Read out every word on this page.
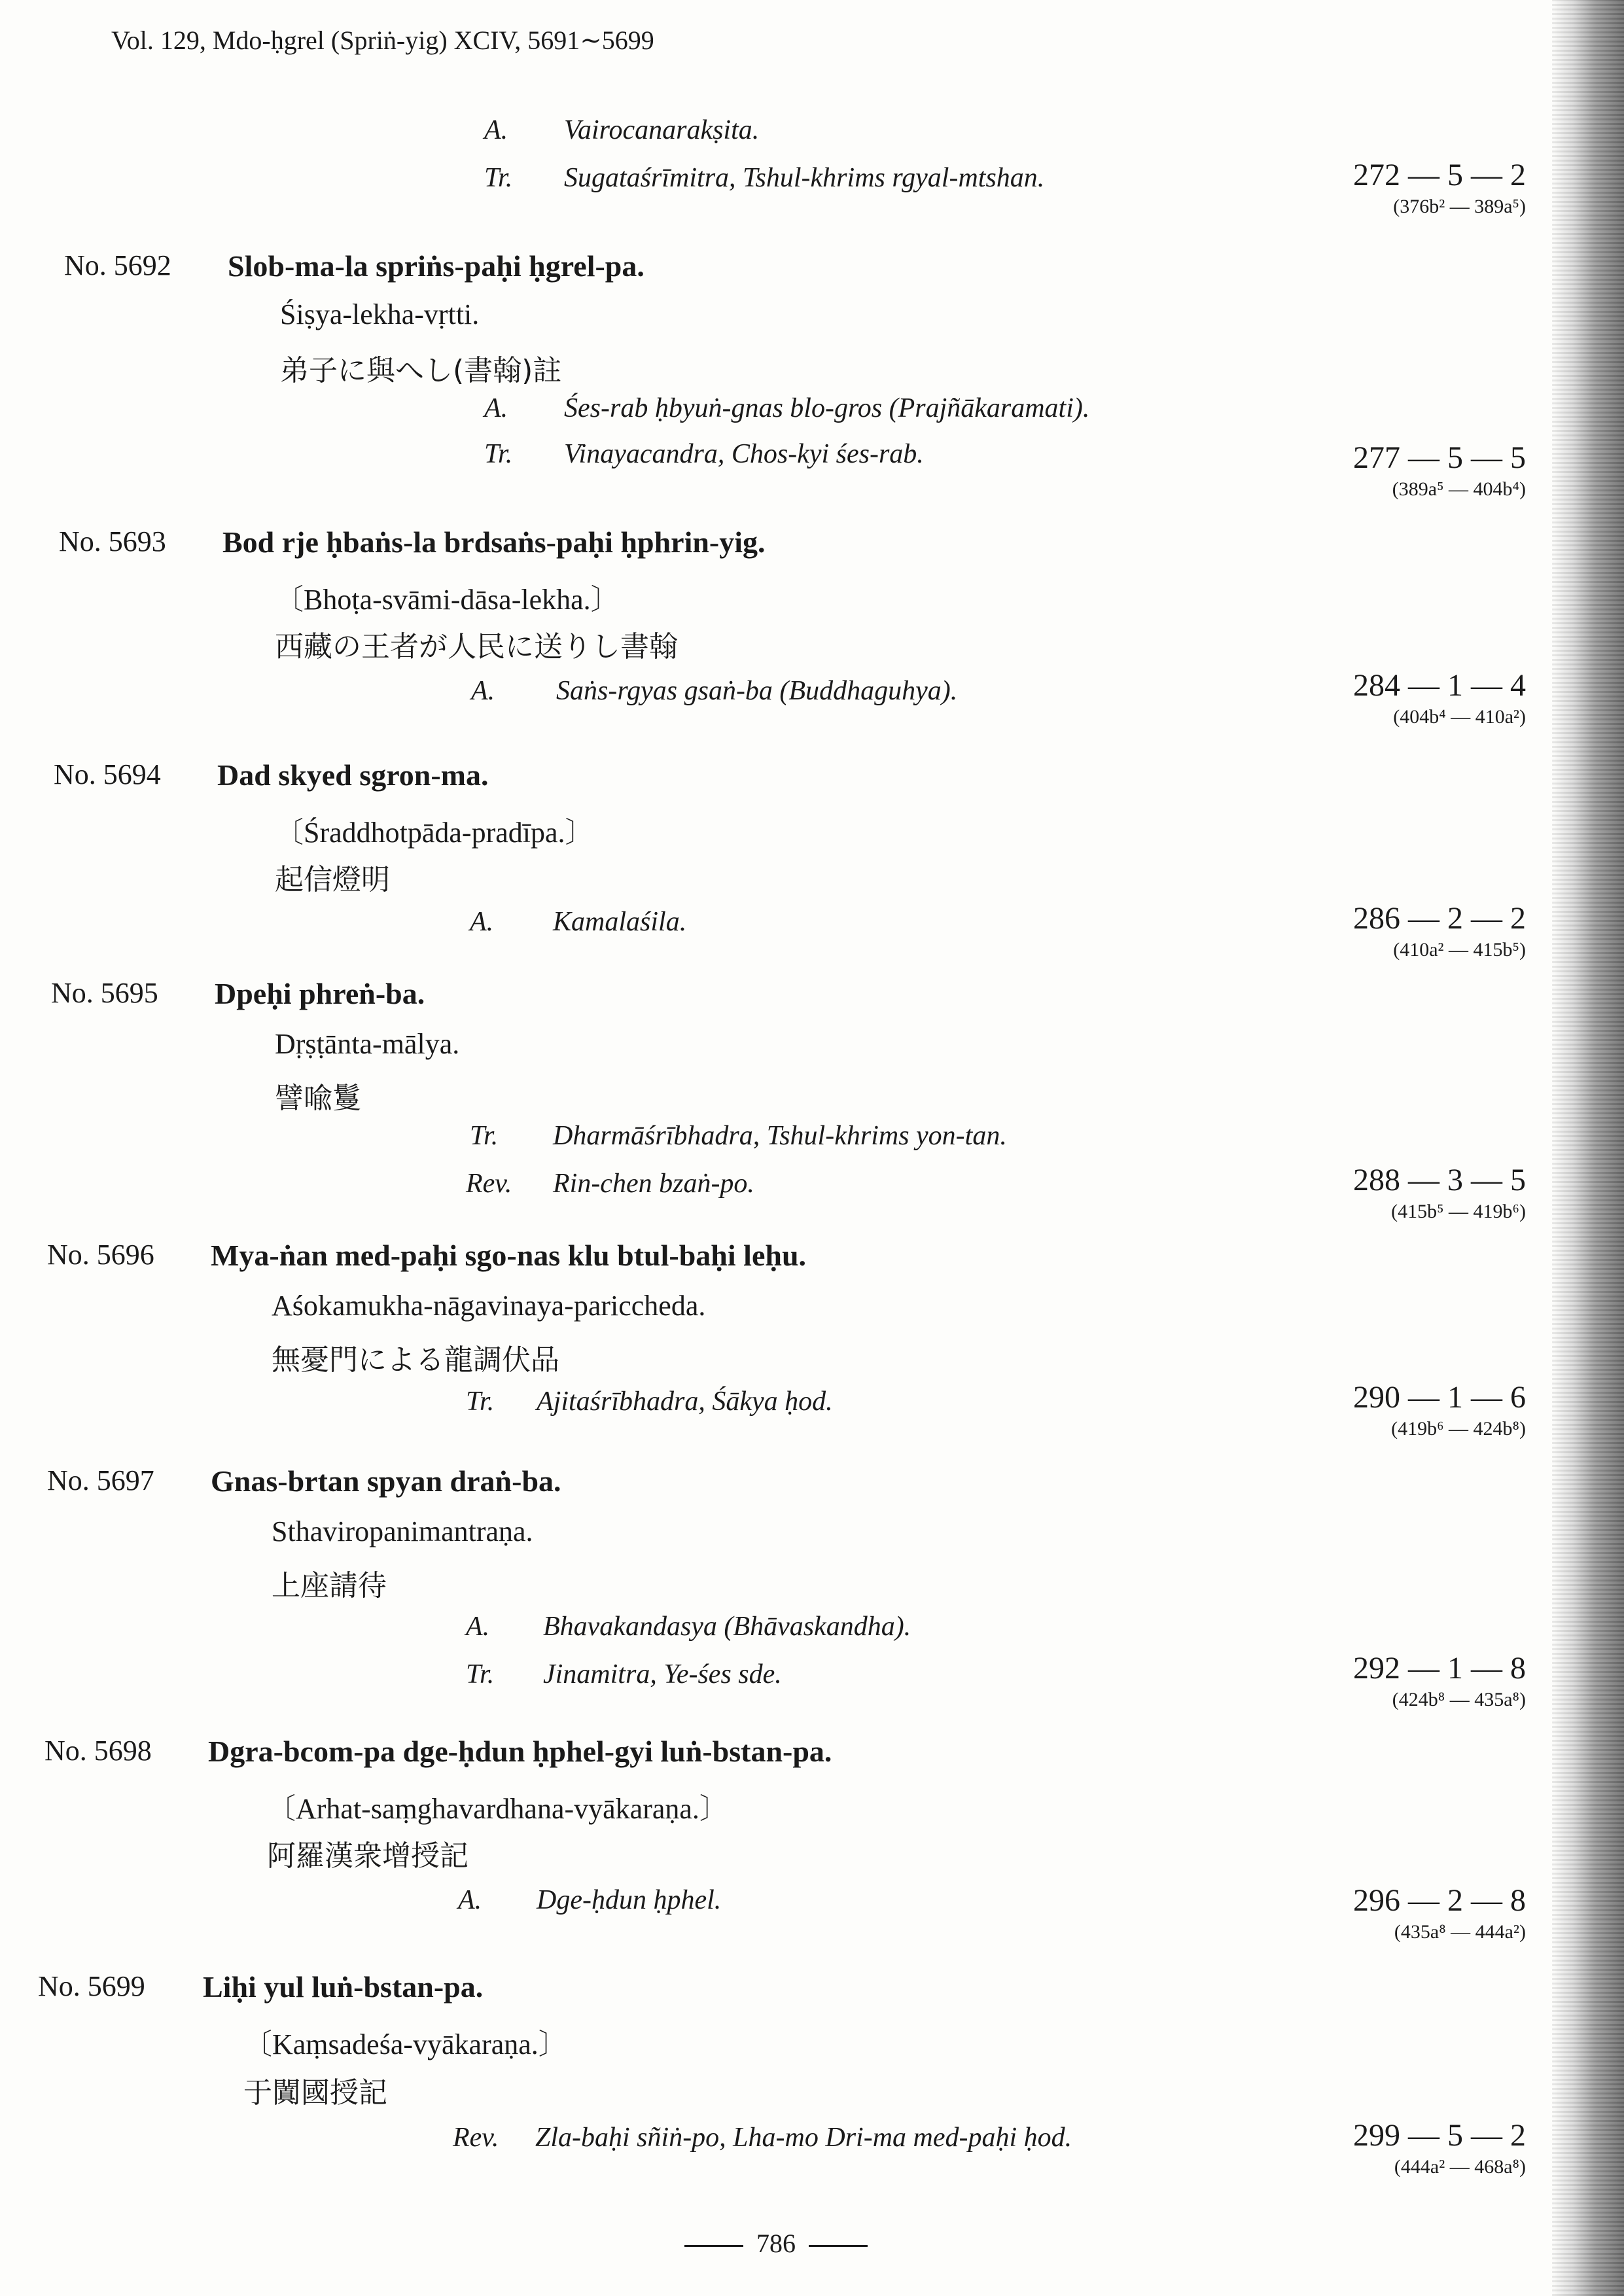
Vol. 129, Mdo-ḥgrel (Spriṅ-yig) XCIV, 5691∼5699
A. Vairocanarakṣita.
Tr. Sugataśrīmitra, Tshul-khrims rgyal-mtshan.	272 — 5 — 2
(376b² — 389a⁵)
No. 5692 Slob-ma-la spriṅs-paḥi ḥgrel-pa.
Śiṣya-lekha-vṛtti.
弟子に與へし(書翰)註
A. Śes-rab ḥbyuṅ-gnas blo-gros (Prajñākaramati).
Tr. Vinayacandra, Chos-kyi śes-rab.	277 — 5 — 5
(389a⁵ — 404b⁴)
No. 5693 Bod rje ḥbaṅs-la brdsaṅs-paḥi ḥphrin-yig.
〔Bhoṭa-svāmi-dāsa-lekha.〕
西藏の王者が人民に送りし書翰
A. Saṅs-rgyas gsaṅ-ba (Buddhaguhya).	284 — 1 — 4
(404b⁴ — 410a²)
No. 5694 Dad skyed sgron-ma.
〔Śraddhotpāda-pradīpa.〕
起信燈明
A. Kamalaśila.	286 — 2 — 2
(410a² — 415b⁵)
No. 5695 Dpeḥi phreṅ-ba.
Dṛṣṭānta-mālya.
譬喩鬘
Tr. Dharmāśrībhadra, Tshul-khrims yon-tan.
Rev. Rin-chen bzaṅ-po.	288 — 3 — 5
(415b⁵ — 419b⁶)
No. 5696 Mya-ṅan med-paḥi sgo-nas klu btul-baḥi leḥu.
Aśokamukha-nāgavinaya-pariccheda.
無憂門による龍調伏品
Tr. Ajitaśrībhadra, Śākya ḥod.	290 — 1 — 6
(419b⁶ — 424b⁸)
No. 5697 Gnas-brtan spyan draṅ-ba.
Sthaviropanimantraṇa.
上座請待
A. Bhavakandasya (Bhāvaskandha).
Tr. Jinamitra, Ye-śes sde.	292 — 1 — 8
(424b⁸ — 435a⁸)
No. 5698 Dgra-bcom-pa dge-ḥdun ḥphel-gyi luṅ-bstan-pa.
〔Arhat-saṃghavardhana-vyākaraṇa.〕
阿羅漢衆增授記
A. Dge-ḥdun ḥphel.	296 — 2 — 8
(435a⁸ — 444a²)
No. 5699 Liḥi yul luṅ-bstan-pa.
〔Kaṃsadeśa-vyākaraṇa.〕
于闐國授記
Rev. Zla-baḥi sñiṅ-po, Lha-mo Dri-ma med-paḥi ḥod.	299 — 5 — 2
(444a² — 468a⁸)
786
